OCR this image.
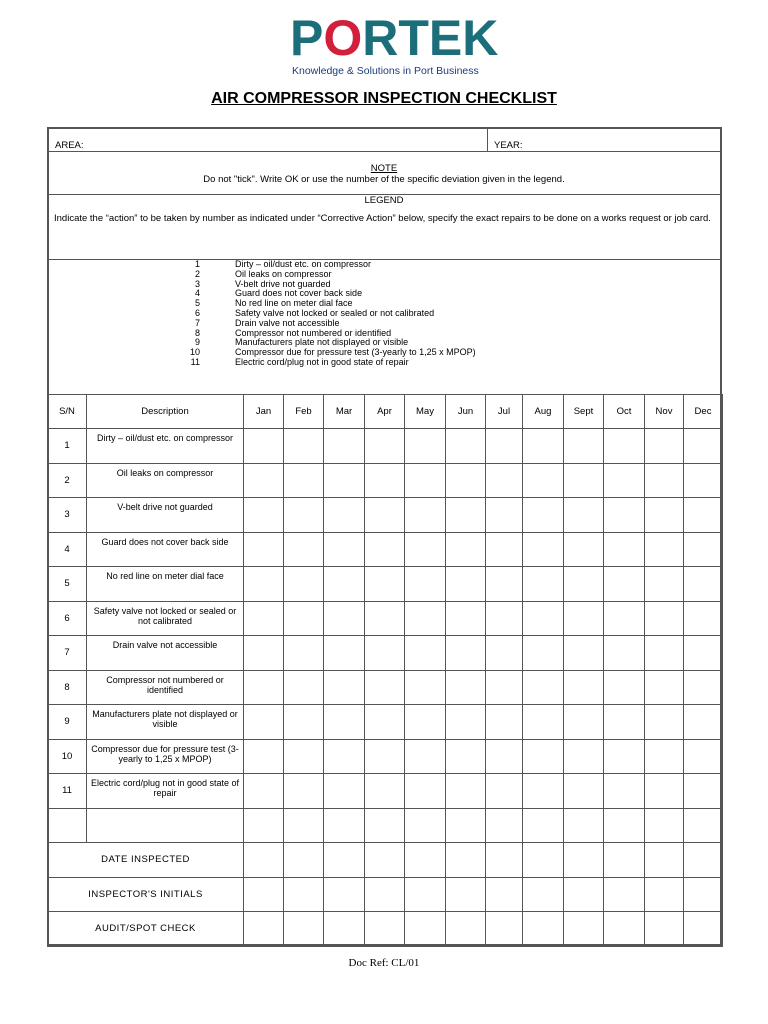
PORTEK
Knowledge & Solutions in Port Business
AIR COMPRESSOR INSPECTION CHECKLIST
AREA:	YEAR:
NOTE
Do not "tick". Write OK or use the number of the specific deviation given in the legend.
LEGEND
Indicate the “action” to be taken by number as indicated under “Corrective Action” below, specify the exact repairs to be done on a works request or job card.
1	Dirty – oil/dust etc. on compressor
2	Oil leaks on compressor
3	V-belt drive not guarded
4	Guard does not cover back side
5	No red line on meter dial face
6	Safety valve not locked or sealed or not calibrated
7	Drain valve not accessible
8	Compressor not numbered or identified
9	Manufacturers plate not displayed or visible
10	Compressor due for pressure test (3-yearly to 1,25 x MPOP)
11	Electric cord/plug not in good state of repair
S/N	Description	Jan	Feb	Mar	Apr	May	Jun	Jul	Aug	Sept	Oct	Nov	Dec
1	Dirty – oil/dust etc. on compressor												
2	Oil leaks on compressor												
3	V-belt drive not guarded												
4	Guard does not cover back side												
5	No red line on meter dial face												
6	Safety valve not locked or sealed or not calibrated												
7	Drain valve not accessible												
8	Compressor not numbered or identified												
9	Manufacturers plate not displayed or visible												
10	Compressor due for pressure test (3-yearly to 1,25 x MPOP)												
11	Electric cord/plug not in good state of repair												

DATE INSPECTED													
INSPECTOR'S INITIALS													
AUDIT/SPOT CHECK													
Doc Ref: CL/01
